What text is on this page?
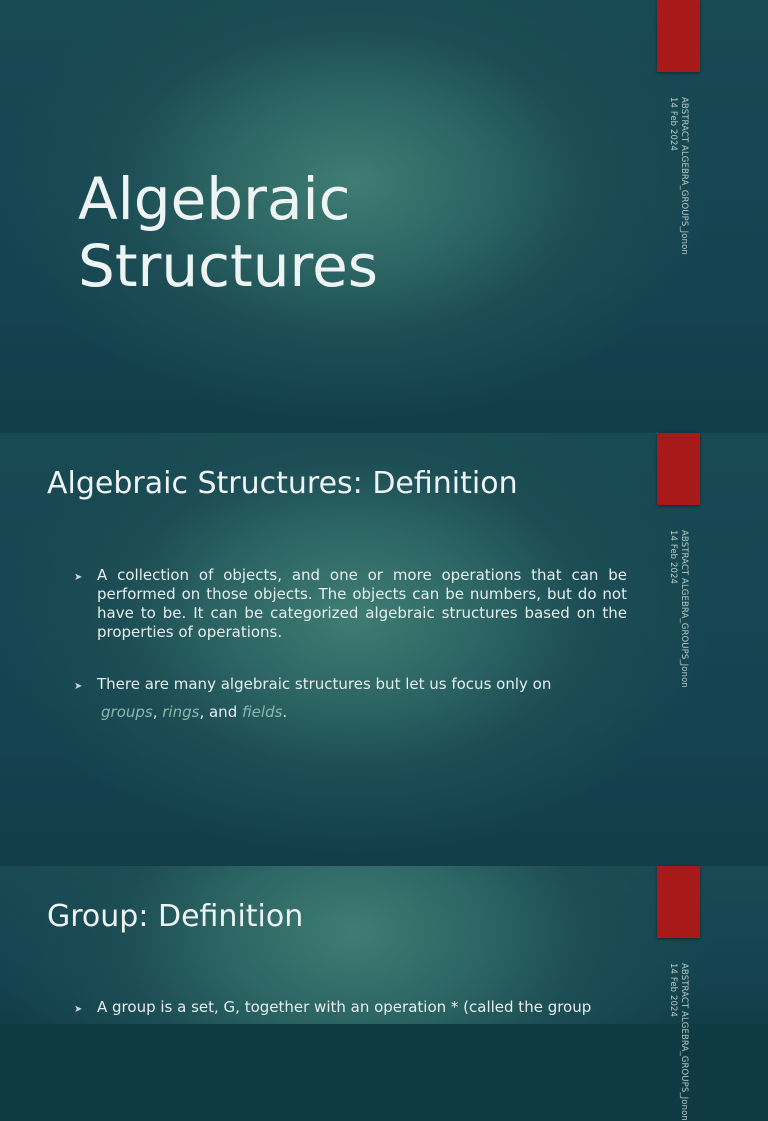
ABSTRACT ALGEBRA_GROUPS_Jonon
14 Feb 2024
Algebraic
Structures
ABSTRACT ALGEBRA_GROUPS_Jonon
14 Feb 2024
Algebraic Structures: Definition
➤ A collection of objects, and one or more operations that can be performed on those objects. The objects can be numbers, but do not have to be. It can be categorized algebraic structures based on the properties of operations.
➤ There are many algebraic structures but let us focus only on
groups, rings, and fields.
ABSTRACT ALGEBRA_GROUPS_Jonon
14 Feb 2024
Group: Definition
➤ A group is a set, G, together with an operation * (called the group
